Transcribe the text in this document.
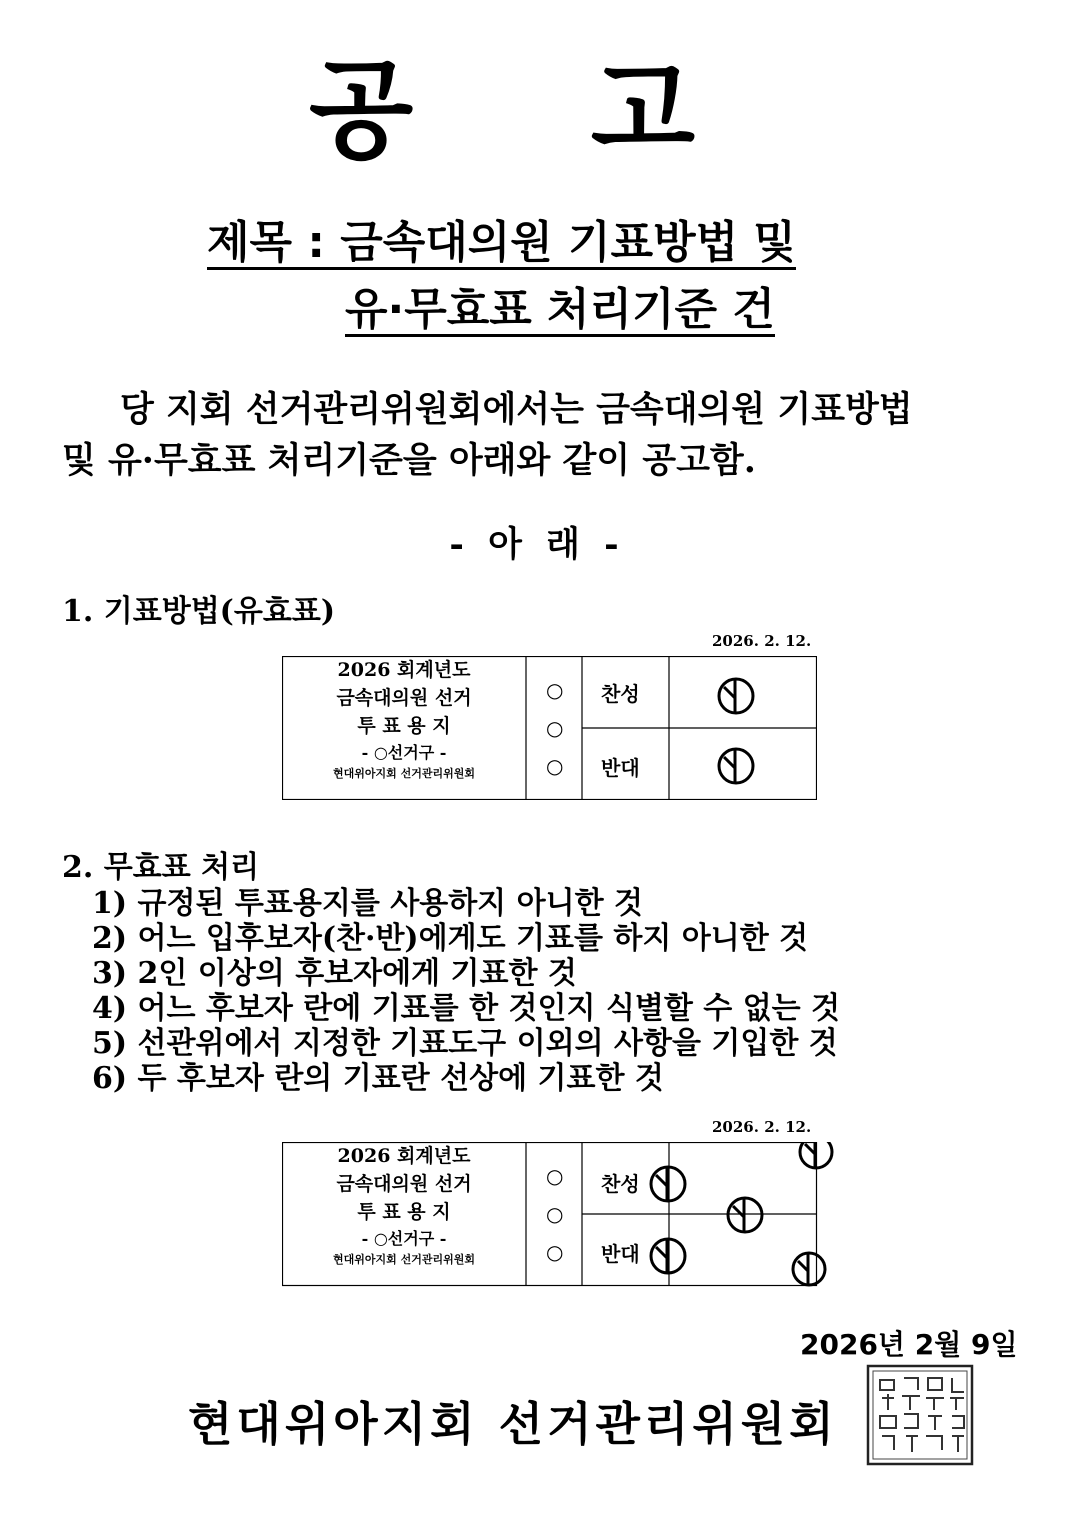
공 고
제목 : 금속대의원 기표방법 및
유·무효표 처리기준 건
당 지회 선거관리위원회에서는 금속대의원 기표방법
및 유·무효표 처리기준을 아래와 같이 공고함.
- 아 래 -
1. 기표방법(유효표)
2026. 2. 12.
2026 회계년도
금속대의원 선거
투 표 용 지
- ○선거구 -
현대위아지회 선거관리위원회
○
○
○
찬성
반대
2. 무효표 처리
1) 규정된 투표용지를 사용하지 아니한 것
2) 어느 입후보자(찬·반)에게도 기표를 하지 아니한 것
3) 2인 이상의 후보자에게 기표한 것
4) 어느 후보자 란에 기표를 한 것인지 식별할 수 없는 것
5) 선관위에서 지정한 기표도구 이외의 사항을 기입한 것
6) 두 후보자 란의 기표란 선상에 기표한 것
2026. 2. 12.
2026 회계년도
금속대의원 선거
투 표 용 지
- ○선거구 -
현대위아지회 선거관리위원회
○
○
○
찬성
반대
2026년 2월 9일
현대위아지회 선거관리위원회
